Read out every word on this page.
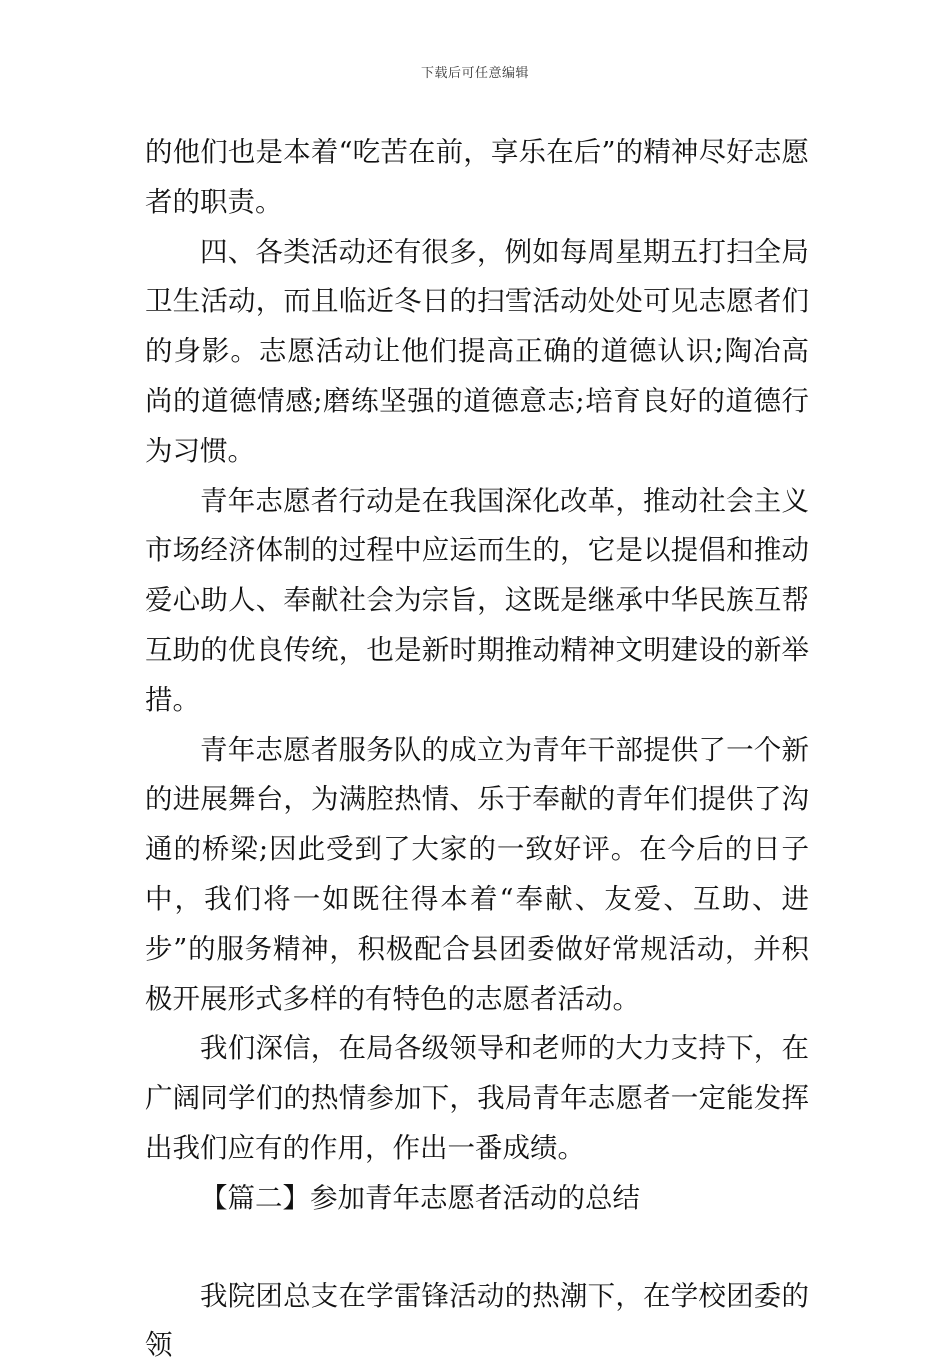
下载后可任意编辑

的他们也是本着“吃苦在前，享乐在后”的精神尽好志愿者的职责。

四、各类活动还有很多，例如每周星期五打扫全局卫生活动，而且临近冬日的扫雪活动处处可见志愿者们的身影。志愿活动让他们提高正确的道德认识;陶冶高尚的道德情感;磨练坚强的道德意志;培育良好的道德行为习惯。

青年志愿者行动是在我国深化改革，推动社会主义市场经济体制的过程中应运而生的，它是以提倡和推动爱心助人、奉献社会为宗旨，这既是继承中华民族互帮互助的优良传统，也是新时期推动精神文明建设的新举措。

青年志愿者服务队的成立为青年干部提供了一个新的进展舞台，为满腔热情、乐于奉献的青年们提供了沟通的桥梁;因此受到了大家的一致好评。在今后的日子中，我们将一如既往得本着“奉献、友爱、互助、进步”的服务精神，积极配合县团委做好常规活动，并积极开展形式多样的有特色的志愿者活动。

我们深信，在局各级领导和老师的大力支持下，在广阔同学们的热情参加下，我局青年志愿者一定能发挥出我们应有的作用，作出一番成绩。

【篇二】参加青年志愿者活动的总结

我院团总支在学雷锋活动的热潮下，在学校团委的领
